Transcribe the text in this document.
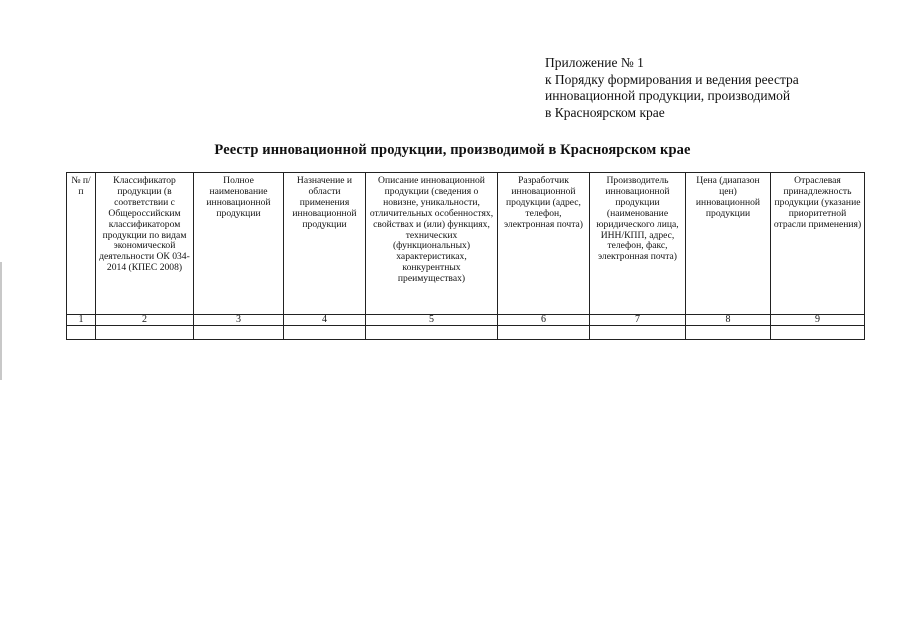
Приложение № 1
к Порядку формирования и ведения реестра
инновационной продукции, производимой
в Красноярском крае
Реестр инновационной продукции, производимой в Красноярском крае
№ п/п	Классификатор продукции (в соответствии с Общероссийским классификатором продукции по видам экономической деятельности ОК 034-2014 (КПЕС 2008)	Полное наименование инновационной продукции	Назначение и области применения инновационной продукции	Описание инновационной продукции (сведения о новизне, уникальности, отличительных особенностях, свойствах и (или) функциях, технических (функциональных) характеристиках, конкурентных преимуществах)	Разработчик инновационной продукции (адрес, телефон, электронная почта)	Производитель инновационной продукции (наименование юридического лица, ИНН/КПП, адрес, телефон, факс, электронная почта)	Цена (диапазон цен) инновационной продукции	Отраслевая принадлежность продукции (указание приоритетной отрасли применения)
1	2	3	4	5	6	7	8	9
